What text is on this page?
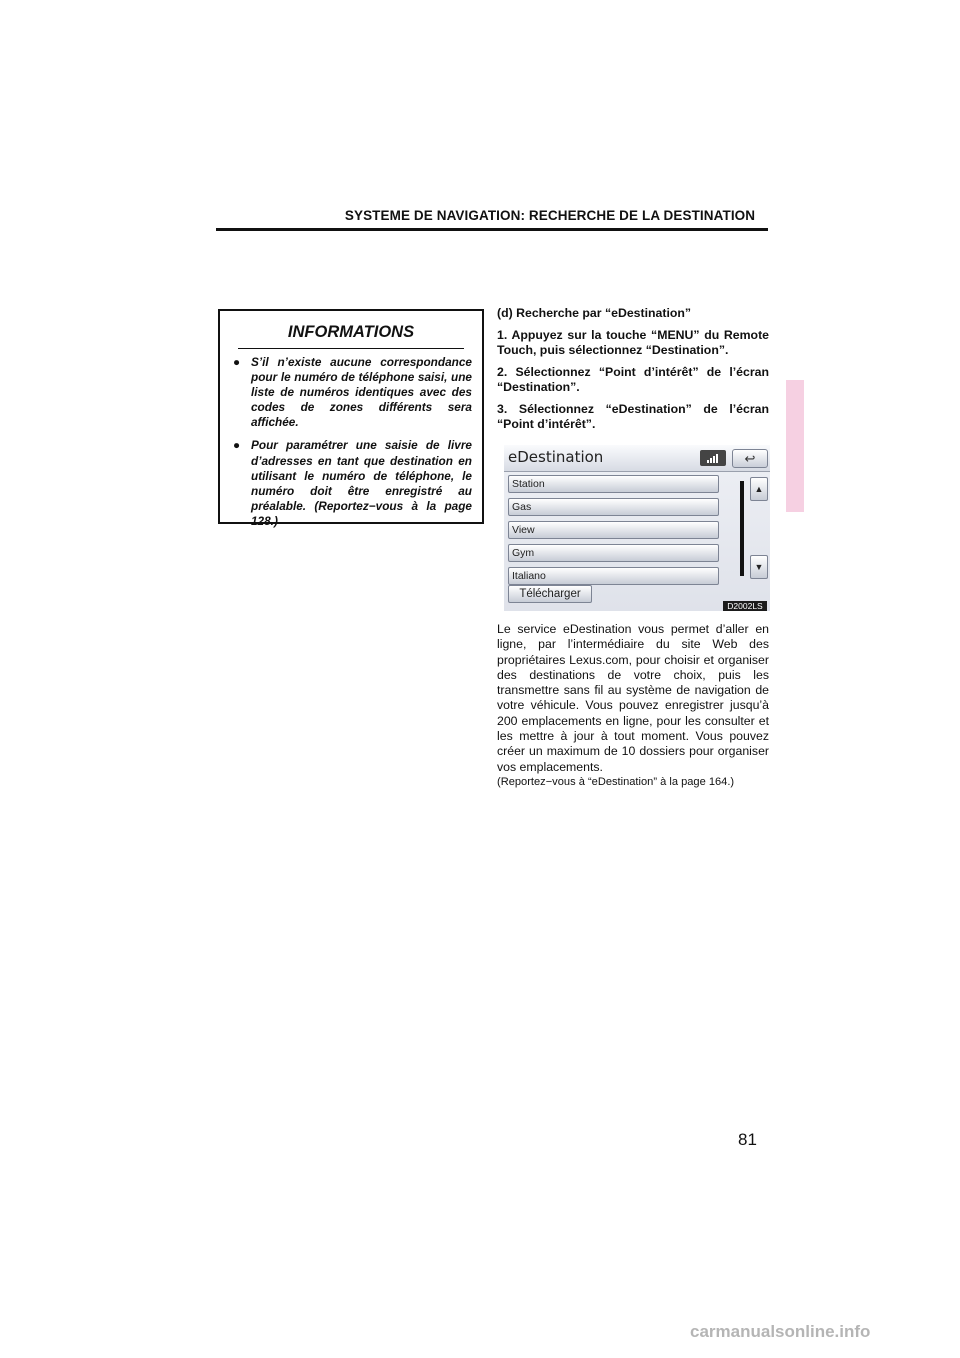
SYSTEME DE NAVIGATION: RECHERCHE DE LA DESTINATION
INFORMATIONS
● S’il n’existe aucune correspondance pour le numéro de téléphone saisi, une liste de numéros identiques avec des codes de zones différents sera affichée.
● Pour paramétrer une saisie de livre d’adresses en tant que destination en utilisant le numéro de téléphone, le numéro doit être enregistré au préalable. (Reportez−vous à la page 128.)
(d) Recherche par “eDestination”
1. Appuyez sur la touche “MENU” du Remote Touch, puis sélectionnez “Destination”.
2. Sélectionnez “Point d’intérêt” de l’écran “Destination”.
3. Sélectionnez “eDestination” de l’écran “Point d’intérêt”.
eDestination	↩
Station
Gas
View
Gym
Italiano
▲
▼
Télécharger
D2002LS
Le service eDestination vous permet d’aller en ligne, par l’intermédiaire du site Web des propriétaires Lexus.com, pour choisir et organiser des destinations de votre choix, puis les transmettre sans fil au système de navigation de votre véhicule. Vous pouvez enregistrer jusqu’à 200 emplacements en ligne, pour les consulter et les mettre à jour à tout moment. Vous pouvez créer un maximum de 10 dossiers pour organiser vos emplacements.
(Reportez−vous à “eDestination” à la page 164.)
81
carmanualsonline.info
